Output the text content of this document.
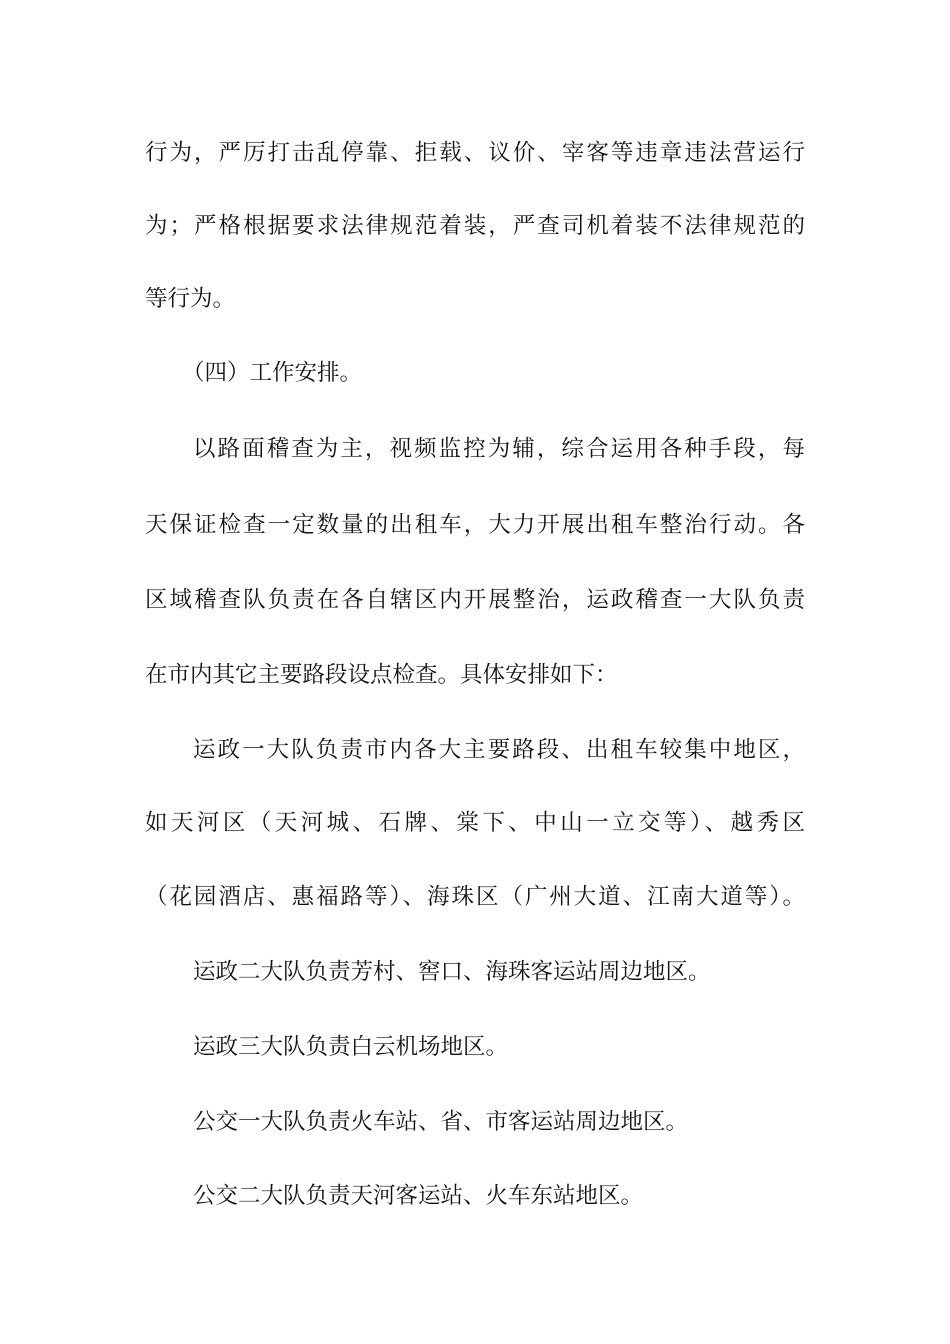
行为，严厉打击乱停靠、拒载、议价、宰客等违章违法营运行
为；严格根据要求法律规范着装，严查司机着装不法律规范的
等行为。
（四）工作安排。
以路面稽查为主，视频监控为辅，综合运用各种手段，每
天保证检查一定数量的出租车，大力开展出租车整治行动。各
区域稽查队负责在各自辖区内开展整治，运政稽查一大队负责
在市内其它主要路段设点检查。具体安排如下：
运政一大队负责市内各大主要路段、出租车较集中地区，
如天河区（天河城、石牌、棠下、中山一立交等）、越秀区
（花园酒店、惠福路等）、海珠区（广州大道、江南大道等）。
运政二大队负责芳村、窖口、海珠客运站周边地区。
运政三大队负责白云机场地区。
公交一大队负责火车站、省、市客运站周边地区。
公交二大队负责天河客运站、火车东站地区。
